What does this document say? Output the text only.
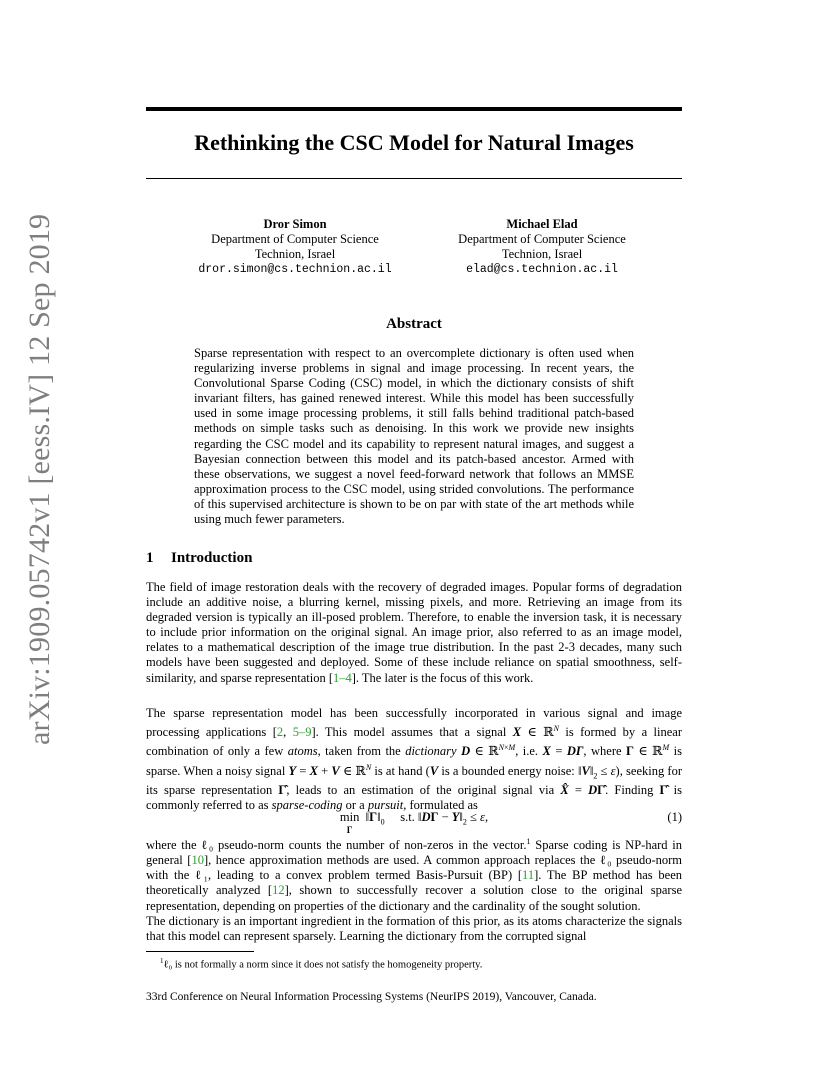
arXiv:1909.05742v1 [eess.IV] 12 Sep 2019
Rethinking the CSC Model for Natural Images
Dror Simon
Department of Computer Science
Technion, Israel
dror.simon@cs.technion.ac.il
Michael Elad
Department of Computer Science
Technion, Israel
elad@cs.technion.ac.il
Abstract
Sparse representation with respect to an overcomplete dictionary is often used when regularizing inverse problems in signal and image processing. In recent years, the Convolutional Sparse Coding (CSC) model, in which the dictionary consists of shift invariant filters, has gained renewed interest. While this model has been successfully used in some image processing problems, it still falls behind traditional patch-based methods on simple tasks such as denoising. In this work we provide new insights regarding the CSC model and its capability to represent natural images, and suggest a Bayesian connection between this model and its patch-based ancestor. Armed with these observations, we suggest a novel feed-forward network that follows an MMSE approximation process to the CSC model, using strided convolutions. The performance of this supervised architecture is shown to be on par with state of the art methods while using much fewer parameters.
1 Introduction
The field of image restoration deals with the recovery of degraded images. Popular forms of degradation include an additive noise, a blurring kernel, missing pixels, and more. Retrieving an image from its degraded version is typically an ill-posed problem. Therefore, to enable the inversion task, it is necessary to include prior information on the original signal. An image prior, also referred to as an image model, relates to a mathematical description of the image true distribution. In the past 2-3 decades, many such models have been suggested and deployed. Some of these include reliance on spatial smoothness, self-similarity, and sparse representation [1–4]. The later is the focus of this work.
The sparse representation model has been successfully incorporated in various signal and image processing applications [2, 5–9]. This model assumes that a signal X ∈ ℝ$^N$ is formed by a linear combination of only a few atoms, taken from the dictionary D ∈ ℝ$^{N\times M}$, i.e. X = DΓ, where Γ ∈ ℝ$^M$ is sparse. When a noisy signal Y = X + V ∈ ℝ$^N$ is at hand (V is a bounded energy noise: $‖V‖_2 \le \varepsilon$), seeking for its sparse representation Γ̂, leads to an estimation of the original signal via X̂ = DΓ̂. Finding Γ̂ is commonly referred to as sparse-coding or a pursuit, formulated as
min
Γ  $‖\Gamma‖_0$     s.t. ‖DΓ − $Y‖_2 \le \varepsilon$,	(1)
where the ℓ₀ pseudo-norm counts the number of non-zeros in the vector.$^1$ Sparse coding is NP-hard in general [10], hence approximation methods are used. A common approach replaces the ℓ₀ pseudo-norm with the ℓ₁, leading to a convex problem termed Basis-Pursuit (BP) [11]. The BP method has been theoretically analyzed [12], shown to successfully recover a solution close to the original sparse representation, depending on properties of the dictionary and the cardinality of the sought solution.
The dictionary is an important ingredient in the formation of this prior, as its atoms characterize the signals that this model can represent sparsely. Learning the dictionary from the corrupted signal
$^1$ℓ₀ is not formally a norm since it does not satisfy the homogeneity property.
33rd Conference on Neural Information Processing Systems (NeurIPS 2019), Vancouver, Canada.
